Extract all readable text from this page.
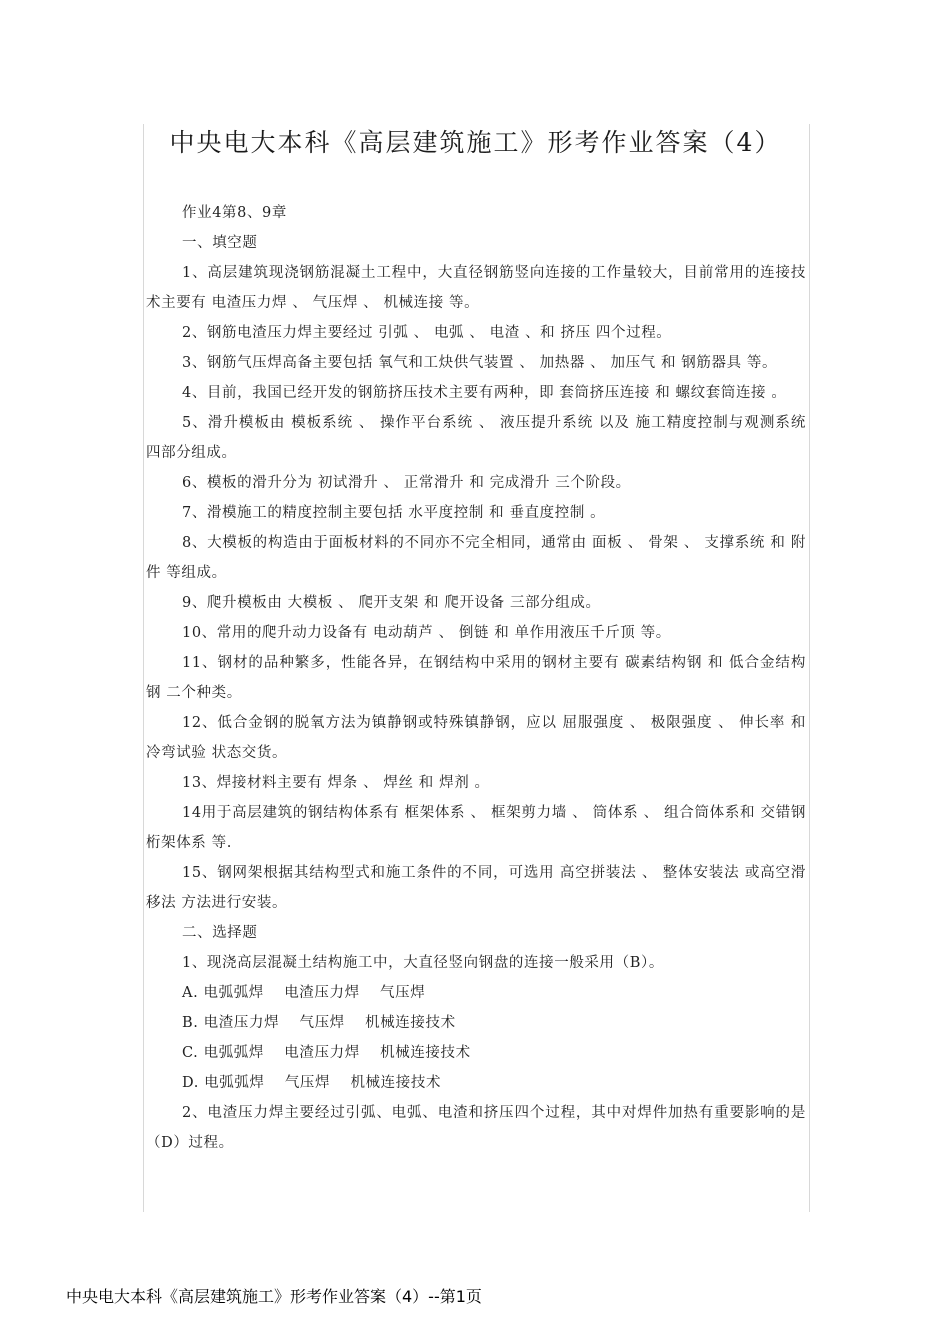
中央电大本科《高层建筑施工》形考作业答案（4）

作业4第8、9章

一、填空题

1、高层建筑现浇钢筋混凝土工程中，大直径钢筋竖向连接的工作量较大，目前常用的连接技术主要有 电渣压力焊 、 气压焊 、 机械连接 等。

2、钢筋电渣压力焊主要经过 引弧 、 电弧 、 电渣 、和 挤压 四个过程。

3、钢筋气压焊高备主要包括 氧气和工炔供气装置 、 加热器 、 加压气 和 钢筋器具 等。

4、目前，我国已经开发的钢筋挤压技术主要有两种，即 套筒挤压连接 和 螺纹套筒连接 。

5、滑升模板由 模板系统 、 操作平台系统 、 液压提升系统 以及 施工精度控制与观测系统 四部分组成。

6、模板的滑升分为 初试滑升 、 正常滑升 和 完成滑升 三个阶段。

7、滑模施工的精度控制主要包括 水平度控制 和 垂直度控制 。

8、大模板的构造由于面板材料的不同亦不完全相同，通常由 面板 、 骨架 、 支撑系统 和 附件 等组成。

9、爬升模板由 大模板 、 爬开支架 和 爬开设备 三部分组成。

10、常用的爬升动力设备有 电动葫芦 、 倒链 和 单作用液压千斤顶 等。

11、钢材的品种繁多，性能各异，在钢结构中采用的钢材主要有 碳素结构钢 和 低合金结构钢 二个种类。

12、低合金钢的脱氧方法为镇静钢或特殊镇静钢，应以 屈服强度 、 极限强度 、 伸长率 和 冷弯试验 状态交货。

13、焊接材料主要有 焊条 、 焊丝 和 焊剂 。

14用于高层建筑的钢结构体系有 框架体系 、 框架剪力墙 、 筒体系 、 组合筒体系和 交错钢桁架体系 等.

15、钢网架根据其结构型式和施工条件的不同，可选用 高空拼装法 、 整体安装法 或高空滑移法 方法进行安装。

二、选择题

1、现浇高层混凝土结构施工中，大直径竖向钢盘的连接一般采用（B）。

A. 电弧弧焊　 电渣压力焊　 气压焊

B. 电渣压力焊　 气压焊　 机械连接技术

C. 电弧弧焊　 电渣压力焊　 机械连接技术

D. 电弧弧焊　 气压焊　 机械连接技术

2、电渣压力焊主要经过引弧、电弧、电渣和挤压四个过程，其中对焊件加热有重要影响的是（D）过程。

中央电大本科《高层建筑施工》形考作业答案（4）--第1页
